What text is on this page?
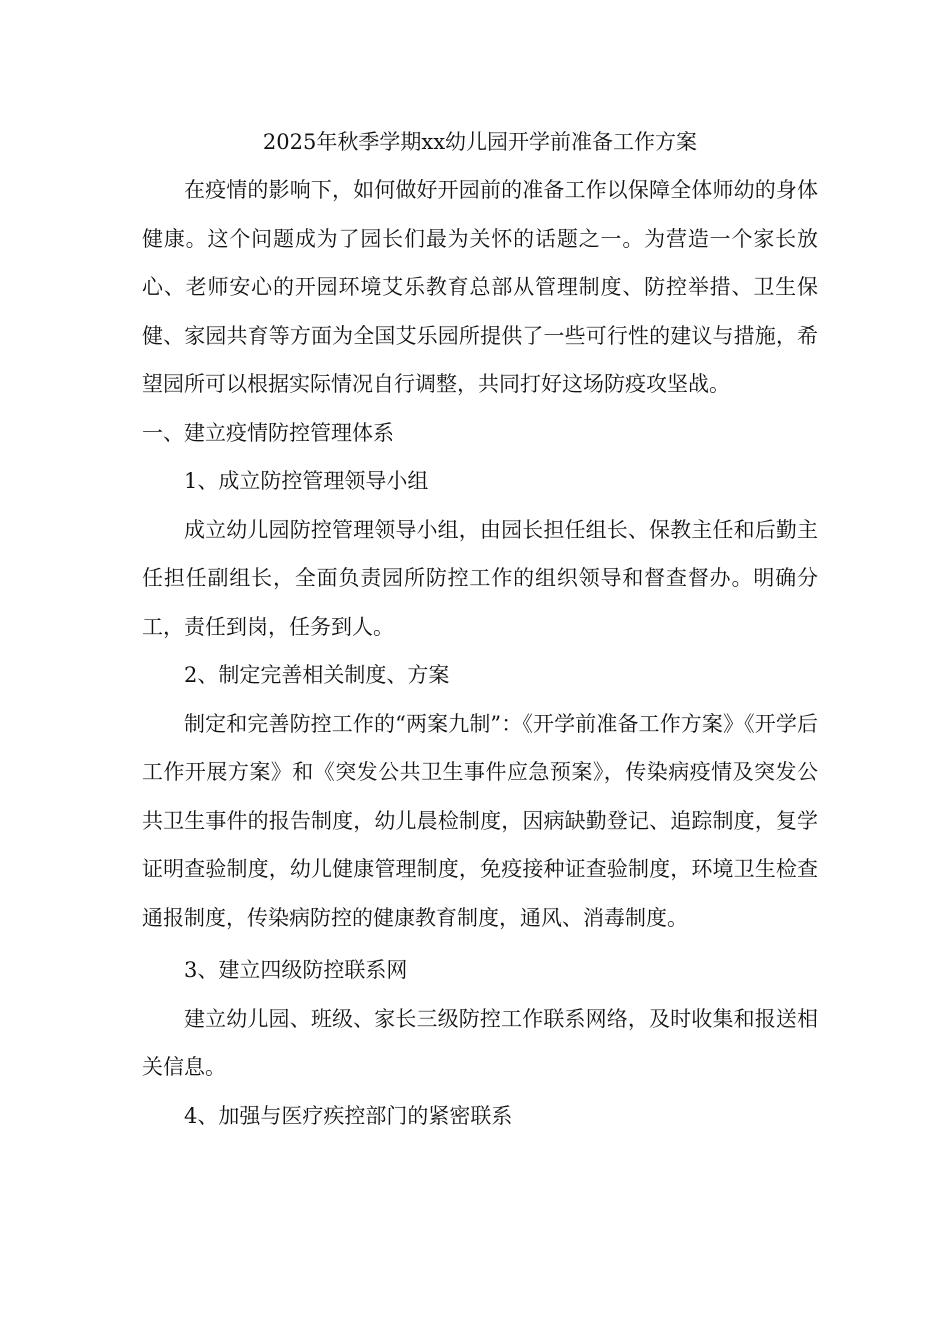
2025年秋季学期xx幼儿园开学前准备工作方案

在疫情的影响下，如何做好开园前的准备工作以保障全体师幼的身体健康。这个问题成为了园长们最为关怀的话题之一。为营造一个家长放心、老师安心的开园环境艾乐教育总部从管理制度、防控举措、卫生保健、家园共育等方面为全国艾乐园所提供了一些可行性的建议与措施，希望园所可以根据实际情况自行调整，共同打好这场防疫攻坚战。

一、建立疫情防控管理体系
1、成立防控管理领导小组

成立幼儿园防控管理领导小组，由园长担任组长、保教主任和后勤主任担任副组长，全面负责园所防控工作的组织领导和督查督办。明确分工，责任到岗，任务到人。

2、制定完善相关制度、方案

制定和完善防控工作的“两案九制”：《开学前准备工作方案》《开学后工作开展方案》和《突发公共卫生事件应急预案》，传染病疫情及突发公共卫生事件的报告制度，幼儿晨检制度，因病缺勤登记、追踪制度，复学证明查验制度，幼儿健康管理制度，免疫接种证查验制度，环境卫生检查通报制度，传染病防控的健康教育制度，通风、消毒制度。

3、建立四级防控联系网

建立幼儿园、班级、家长三级防控工作联系网络，及时收集和报送相关信息。

4、加强与医疗疾控部门的紧密联系
